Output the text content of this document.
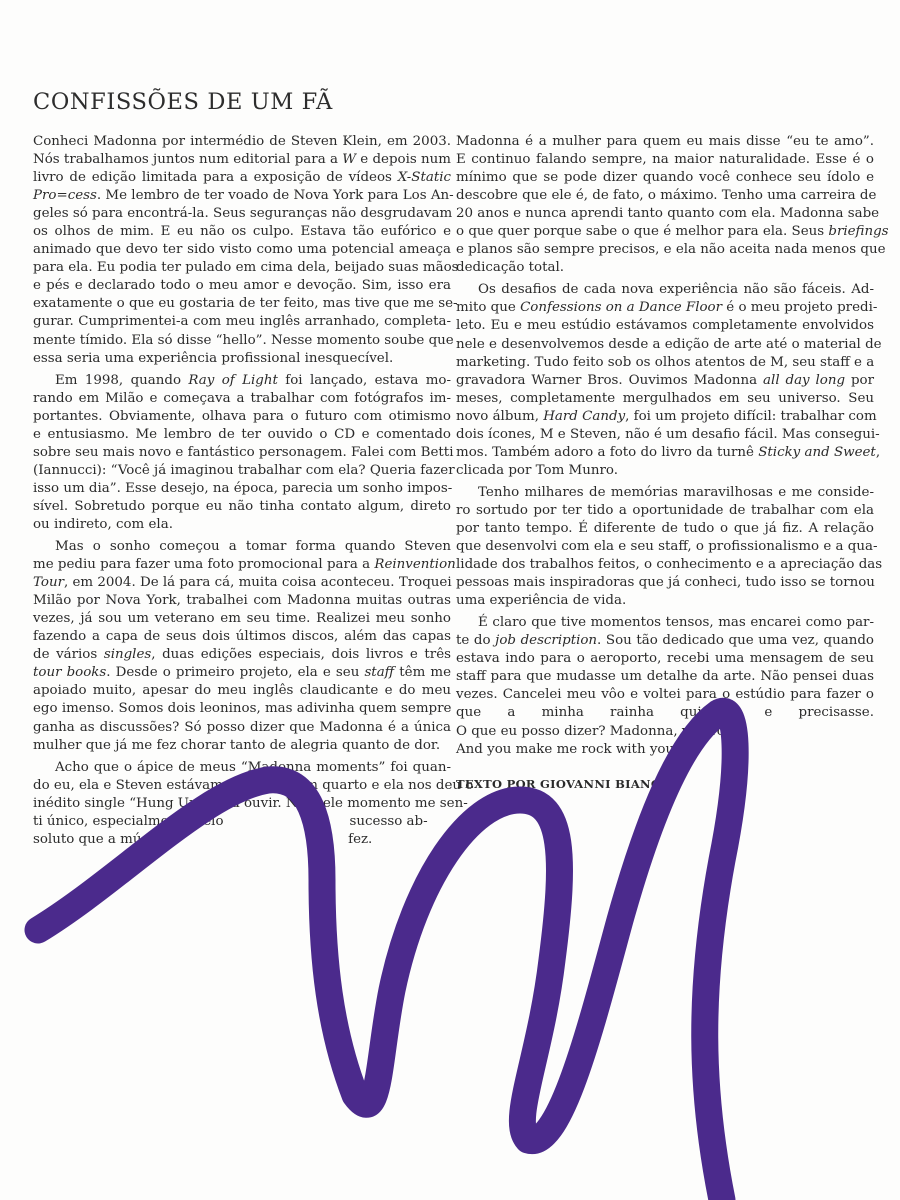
CONFISSÕES DE UM FÃ
Conheci Madonna por intermédio de Steven Klein, em 2003.
Nós trabalhamos juntos num editorial para a W e depois num
livro de edição limitada para a exposição de vídeos X-Static
Pro=cess. Me lembro de ter voado de Nova York para Los An-
geles só para encontrá-la. Seus seguranças não desgrudavam
os olhos de mim. E eu não os culpo. Estava tão eufórico e
animado que devo ter sido visto como uma potencial ameaça
para ela. Eu podia ter pulado em cima dela, beijado suas mãos
e pés e declarado todo o meu amor e devoção. Sim, isso era
exatamente o que eu gostaria de ter feito, mas tive que me se-
gurar. Cumprimentei-a com meu inglês arranhado, completa-
mente tímido. Ela só disse “hello”. Nesse momento soube que
essa seria uma experiência profissional inesquecível.
Em 1998, quando Ray of Light foi lançado, estava mo-
rando em Milão e começava a trabalhar com fotógrafos im-
portantes. Obviamente, olhava para o futuro com otimismo
e entusiasmo. Me lembro de ter ouvido o CD e comentado
sobre seu mais novo e fantástico personagem. Falei com Betti
(Iannucci): “Você já imaginou trabalhar com ela? Queria fazer
isso um dia”. Esse desejo, na época, parecia um sonho impos-
sível. Sobretudo porque eu não tinha contato algum, direto
ou indireto, com ela.
Mas o sonho começou a tomar forma quando Steven
me pediu para fazer uma foto promocional para a Reinvention
Tour, em 2004. De lá para cá, muita coisa aconteceu. Troquei
Milão por Nova York, trabalhei com Madonna muitas outras
vezes, já sou um veterano em seu time. Realizei meu sonho
fazendo a capa de seus dois últimos discos, além das capas
de vários singles, duas edições especiais, dois livros e três
tour books. Desde o primeiro projeto, ela e seu staff têm me
apoiado muito, apesar do meu inglês claudicante e do meu
ego imenso. Somos dois leoninos, mas adivinha quem sempre
ganha as discussões? Só posso dizer que Madonna é a única
mulher que já me fez chorar tanto de alegria quanto de dor.
Acho que o ápice de meus “Madonna moments” foi quan-
do eu, ela e Steven estávamos juntos num quarto e ela nos deu o
inédito single “Hung Up” para ouvir. Naquele momento me sen-
ti único, especialmente pelo	sucesso ab-
soluto que a música	fez.
Madonna é a mulher para quem eu mais disse “eu te amo”.
E continuo falando sempre, na maior naturalidade. Esse é o
mínimo que se pode dizer quando você conhece seu ídolo e
descobre que ele é, de fato, o máximo. Tenho uma carreira de
20 anos e nunca aprendi tanto quanto com ela. Madonna sabe
o que quer porque sabe o que é melhor para ela. Seus briefings
e planos são sempre precisos, e ela não aceita nada menos que
dedicação total.
Os desafios de cada nova experiência não são fáceis. Ad-
mito que Confessions on a Dance Floor é o meu projeto predi-
leto. Eu e meu estúdio estávamos completamente envolvidos
nele e desenvolvemos desde a edição de arte até o material de
marketing. Tudo feito sob os olhos atentos de M, seu staff e a
gravadora Warner Bros. Ouvimos Madonna all day long por
meses, completamente mergulhados em seu universo. Seu
novo álbum, Hard Candy, foi um projeto difícil: trabalhar com
dois ícones, M e Steven, não é um desafio fácil. Mas consegui-
mos. Também adoro a foto do livro da turnê Sticky and Sweet,
clicada por Tom Munro.
Tenho milhares de memórias maravilhosas e me conside-
ro sortudo por ter tido a oportunidade de trabalhar com ela
por tanto tempo. É diferente de tudo o que já fiz. A relação
que desenvolvi com ela e seu staff, o profissionalismo e a qua-
lidade dos trabalhos feitos, o conhecimento e a apreciação das
pessoas mais inspiradoras que já conheci, tudo isso se tornou
uma experiência de vida.
É claro que tive momentos tensos, mas encarei como par-
te do job description. Sou tão dedicado que uma vez, quando
estava indo para o aeroporto, recebi uma mensagem de seu
staff para que mudasse um detalhe da arte. Não pensei duas
vezes. Cancelei meu vôo e voltei para o estúdio para fazer o
que a minha rainha quisesse e precisasse.
O que eu posso dizer? Madonna, you rock!
And you make me rock with you.
TEXTO POR GIOVANNI BIANCO
